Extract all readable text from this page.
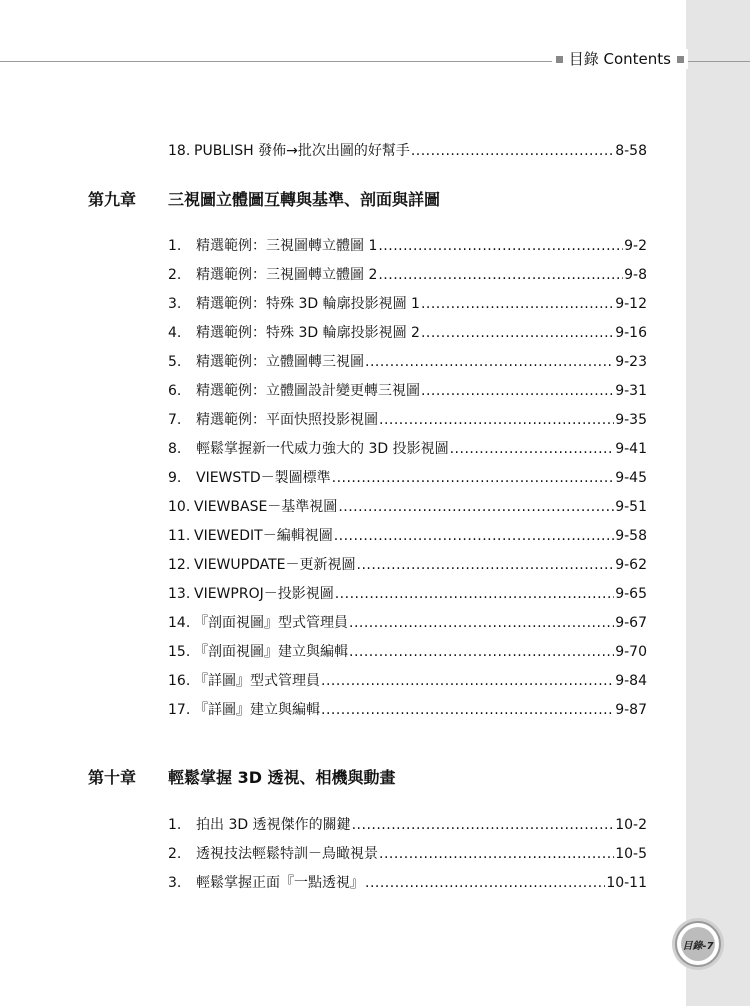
目錄 Contents
18. PUBLISH 發佈→批次出圖的好幫手 .....	8-58
第九章 三視圖立體圖互轉與基準、剖面與詳圖
1.	精選範例：三視圖轉立體圖 1 .....	9-2
2.	精選範例：三視圖轉立體圖 2 .....	9-8
3.	精選範例：特殊 3D 輪廓投影視圖 1 .....	9-12
4.	精選範例：特殊 3D 輪廓投影視圖 2 .....	9-16
5.	精選範例：立體圖轉三視圖 .....	9-23
6.	精選範例：立體圖設計變更轉三視圖 .....	9-31
7.	精選範例：平面快照投影視圖 .....	9-35
8.	輕鬆掌握新一代威力強大的 3D 投影視圖 .....	9-41
9.	VIEWSTD－製圖標準 .....	9-45
10. VIEWBASE－基準視圖 .....	9-51
11. VIEWEDIT－編輯視圖 .....	9-58
12. VIEWUPDATE－更新視圖 .....	9-62
13. VIEWPROJ－投影視圖 .....	9-65
14. 『剖面視圖』型式管理員 .....	9-67
15. 『剖面視圖』建立與編輯 .....	9-70
16. 『詳圖』型式管理員 .....	9-84
17. 『詳圖』建立與編輯 .....	9-87
第十章 輕鬆掌握 3D 透視、相機與動畫
1.	拍出 3D 透視傑作的關鍵 .....	10-2
2.	透視技法輕鬆特訓－鳥瞰視景 .....	10-5
3.	輕鬆掌握正面『一點透視』 .....	10-11
目錄-7
